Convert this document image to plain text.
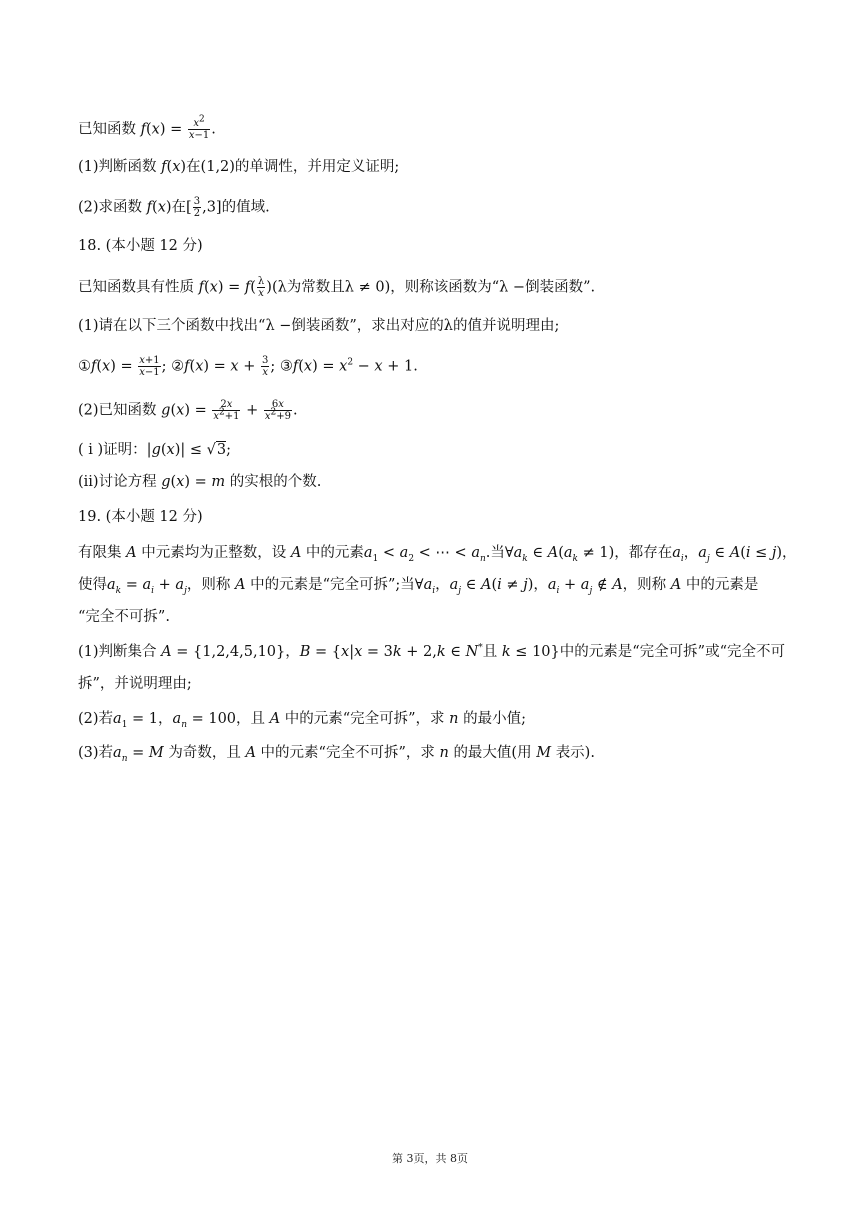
已知函数 $f(x) = \frac{x^2}{x-1}$ .
(1)判断函数 f(x)在(1,2)的单调性，并用定义证明;
(2)求函数 f(x)在[ $\frac{3}{2} ,3$]的值域.
18. (本小题 12 分)
已知函数具有性质 $f(x) = f( \frac{\lambda}{x} )(\lambda$为常数且λ ≠ 0)，则称该函数为“λ −倒装函数”.
(1)请在以下三个函数中找出“λ −倒装函数”，求出对应的λ的值并说明理由;
①f(x) = $\frac{x+1}{x-1}$ ; ②f(x) = $x + \frac{3}{x}$ ; ③f(x) = $x^2 - x + 1$.
(2)已知函数 $g(x) = \frac{2x}{x^2+1} + \frac{6x}{x^2+9}$ .
( ⅰ )证明：|g(x)| ≤ √3;
(ⅱ)讨论方程 g(x) = m 的实根的个数.
19. (本小题 12 分)
有限集 A 中元素均为正整数，设 A 中的元素$a_1 < a_2$ < ⋯ < $a_n$.当$\forall a_k$ ∈ $A(a_k \ne 1)$，都存在$a_i$，$a_j$ ∈ A(i ≤ j)，
使得$a_k = a_i + a_j$，则称 A 中的元素是“完全可拆”;当$\forall a_i$，$a_j$ ∈ A(i ≠ j)，$a_i + a_j$ ∉ A，则称 A 中的元素是
“完全不可拆”.
(1)判断集合 A = {1,2,4,5,10}，B = {x|x = 3k + 2,k ∈ N*且 k ≤ 10}中的元素是“完全可拆”或“完全不可
拆”，并说明理由;
(2)若$a_1 = 1$，$a_n = 100$，且 A 中的元素“完全可拆”，求 n 的最小值;
(3)若$a_n = M$ 为奇数，且 A 中的元素“完全不可拆”，求 n 的最大值(用 M 表示).
第 3页，共 8页
